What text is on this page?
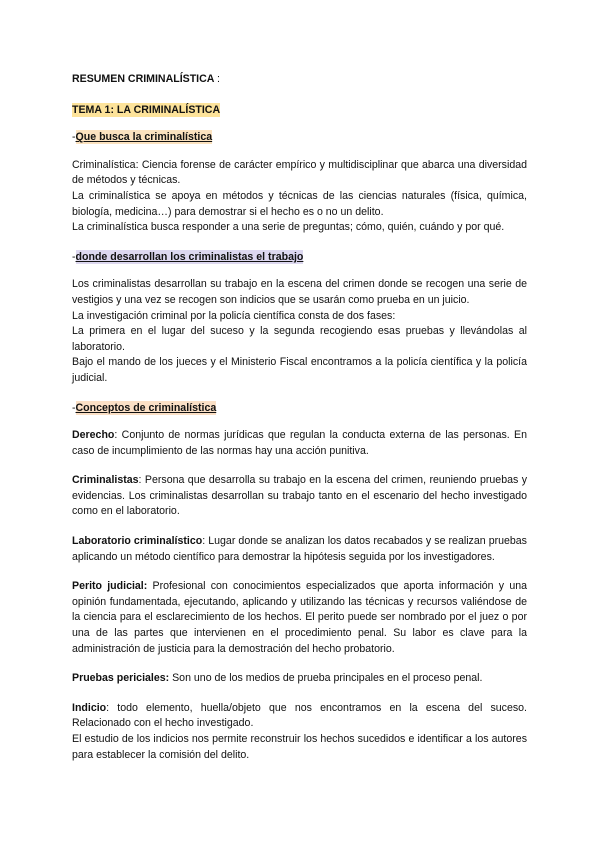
RESUMEN CRIMINALÍSTICA :
TEMA 1: LA CRIMINALÍSTICA
-Que busca la criminalística

Criminalística: Ciencia forense de carácter empírico y multidisciplinar que abarca una diversidad de métodos y técnicas.

La criminalística se apoya en métodos y técnicas de las ciencias naturales (física, química, biología, medicina…) para demostrar si el hecho es o no un delito.

La criminalística busca responder a una serie de preguntas; cómo, quién, cuándo y por qué.

-donde desarrollan los criminalistas el trabajo

Los criminalistas desarrollan su trabajo en la escena del crimen donde se recogen una serie de vestigios y una vez se recogen son indicios que se usarán como prueba en un juicio.

La investigación criminal por la policía científica consta de dos fases:

La primera en el lugar del suceso y la segunda recogiendo esas pruebas y llevándolas al laboratorio.

Bajo el mando de los jueces y el Ministerio Fiscal encontramos a la policía científica y la policía judicial.

-Conceptos de criminalística

Derecho: Conjunto de normas jurídicas que regulan la conducta externa de las personas. En caso de incumplimiento de las normas hay una acción punitiva.

Criminalistas: Persona que desarrolla su trabajo en la escena del crimen, reuniendo pruebas y evidencias. Los criminalistas desarrollan su trabajo tanto en el escenario del hecho investigado como en el laboratorio.

Laboratorio criminalístico: Lugar donde se analizan los datos recabados y se realizan pruebas aplicando un método científico para demostrar la hipótesis seguida por los investigadores.

Perito judicial: Profesional con conocimientos especializados que aporta información y una opinión fundamentada, ejecutando, aplicando y utilizando las técnicas y recursos valiéndose de la ciencia para el esclarecimiento de los hechos. El perito puede ser nombrado por el juez o por una de las partes que intervienen en el procedimiento penal. Su labor es clave para la administración de justicia para la demostración del hecho probatorio.

Pruebas periciales: Son uno de los medios de prueba principales en el proceso penal.

Indicio: todo elemento, huella/objeto que nos encontramos en la escena del suceso. Relacionado con el hecho investigado.

El estudio de los indicios nos permite reconstruir los hechos sucedidos e identificar a los autores para establecer la comisión del delito.
